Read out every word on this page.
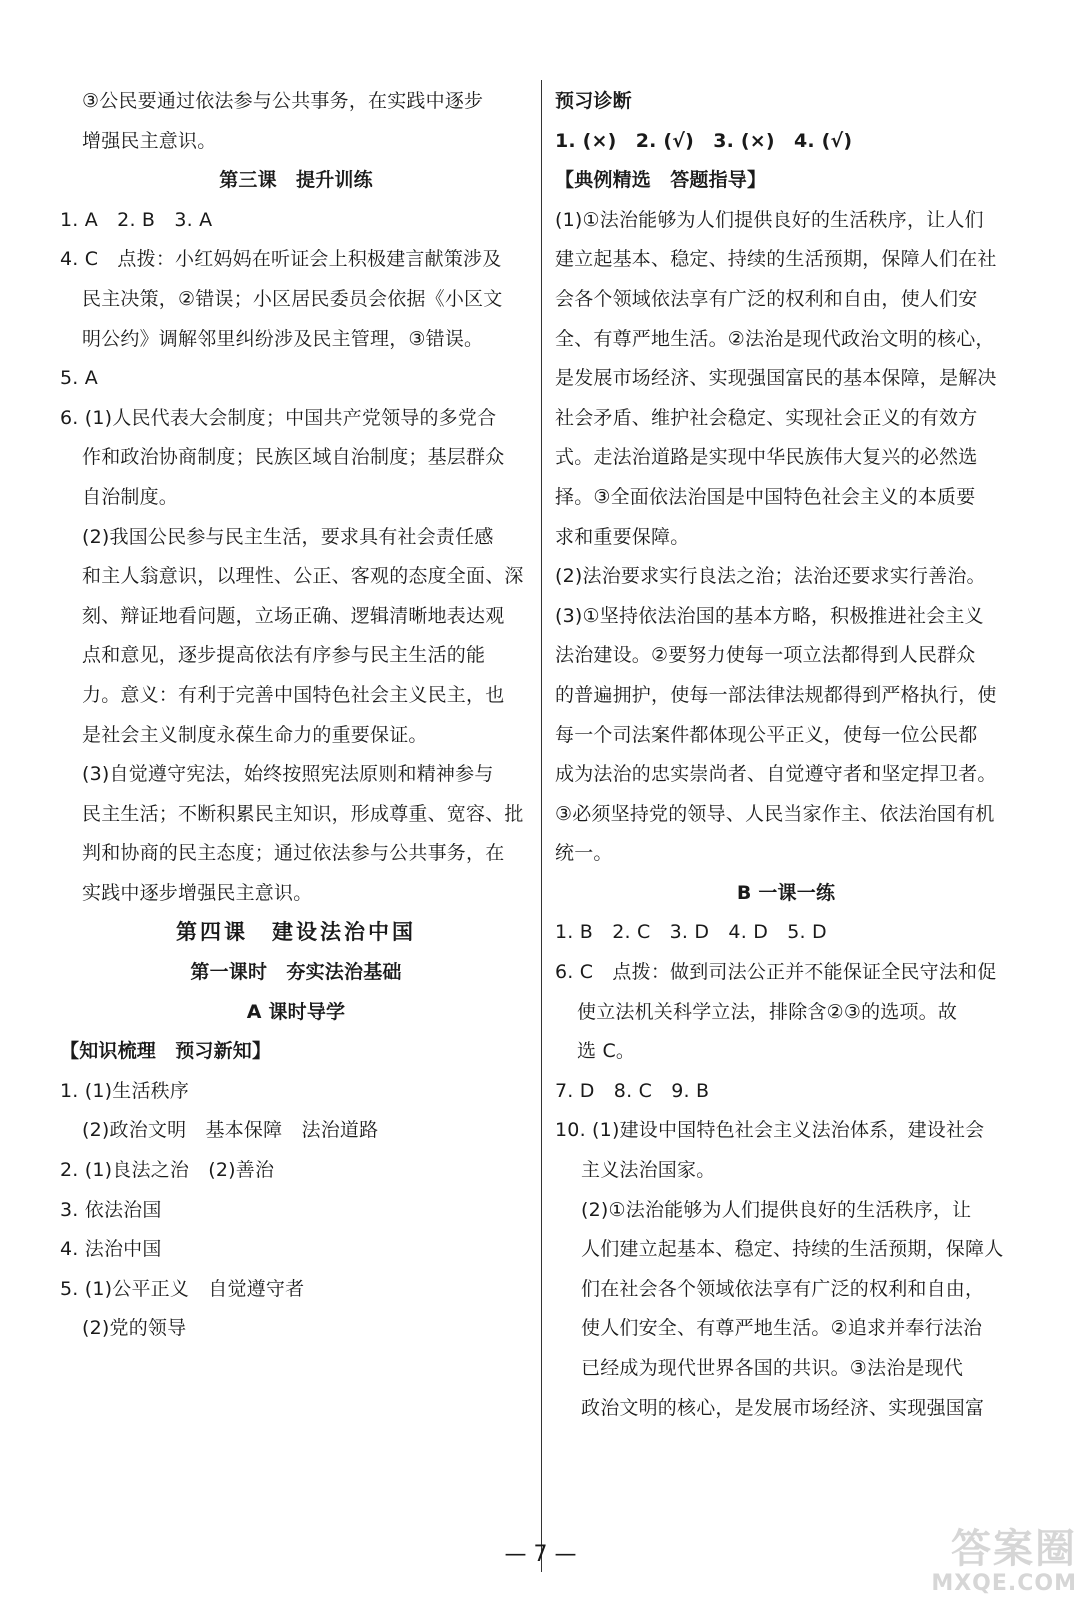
③公民要通过依法参与公共事务，在实践中逐步
增强民主意识。
第三课　提升训练
1. A　2. B　3. A
4. C　点拨：小红妈妈在听证会上积极建言献策涉及
民主决策，②错误；小区居民委员会依据《小区文
明公约》调解邻里纠纷涉及民主管理，③错误。
5. A
6. (1)人民代表大会制度；中国共产党领导的多党合
作和政治协商制度；民族区域自治制度；基层群众
自治制度。
(2)我国公民参与民主生活，要求具有社会责任感
和主人翁意识，以理性、公正、客观的态度全面、深
刻、辩证地看问题，立场正确、逻辑清晰地表达观
点和意见，逐步提高依法有序参与民主生活的能
力。意义：有利于完善中国特色社会主义民主，也
是社会主义制度永葆生命力的重要保证。
(3)自觉遵守宪法，始终按照宪法原则和精神参与
民主生活；不断积累民主知识，形成尊重、宽容、批
判和协商的民主态度；通过依法参与公共事务，在
实践中逐步增强民主意识。
第四课　建设法治中国
第一课时　夯实法治基础
A 课时导学
【知识梳理　预习新知】
1. (1)生活秩序
(2)政治文明　基本保障　法治道路
2. (1)良法之治　(2)善治
3. 依法治国
4. 法治中国
5. (1)公平正义　自觉遵守者
(2)党的领导
预习诊断
1. (×)　2. (√)　3. (×)　4. (√)
【典例精选　答题指导】
(1)①法治能够为人们提供良好的生活秩序，让人们
建立起基本、稳定、持续的生活预期，保障人们在社
会各个领域依法享有广泛的权利和自由，使人们安
全、有尊严地生活。②法治是现代政治文明的核心，
是发展市场经济、实现强国富民的基本保障，是解决
社会矛盾、维护社会稳定、实现社会正义的有效方
式。走法治道路是实现中华民族伟大复兴的必然选
择。③全面依法治国是中国特色社会主义的本质要
求和重要保障。
(2)法治要求实行良法之治；法治还要求实行善治。
(3)①坚持依法治国的基本方略，积极推进社会主义
法治建设。②要努力使每一项立法都得到人民群众
的普遍拥护，使每一部法律法规都得到严格执行，使
每一个司法案件都体现公平正义，使每一位公民都
成为法治的忠实崇尚者、自觉遵守者和坚定捍卫者。
③必须坚持党的领导、人民当家作主、依法治国有机
统一。
B 一课一练
1. B　2. C　3. D　4. D　5. D
6. C　点拨：做到司法公正并不能保证全民守法和促
使立法机关科学立法，排除含②③的选项。故
选 C。
7. D　8. C　9. B
10. (1)建设中国特色社会主义法治体系，建设社会
主义法治国家。
(2)①法治能够为人们提供良好的生活秩序，让
人们建立起基本、稳定、持续的生活预期，保障人
们在社会各个领域依法享有广泛的权利和自由，
使人们安全、有尊严地生活。②追求并奉行法治
已经成为现代世界各国的共识。③法治是现代
政治文明的核心，是发展市场经济、实现强国富
— 7 —	答案圈
MXQE.COM
